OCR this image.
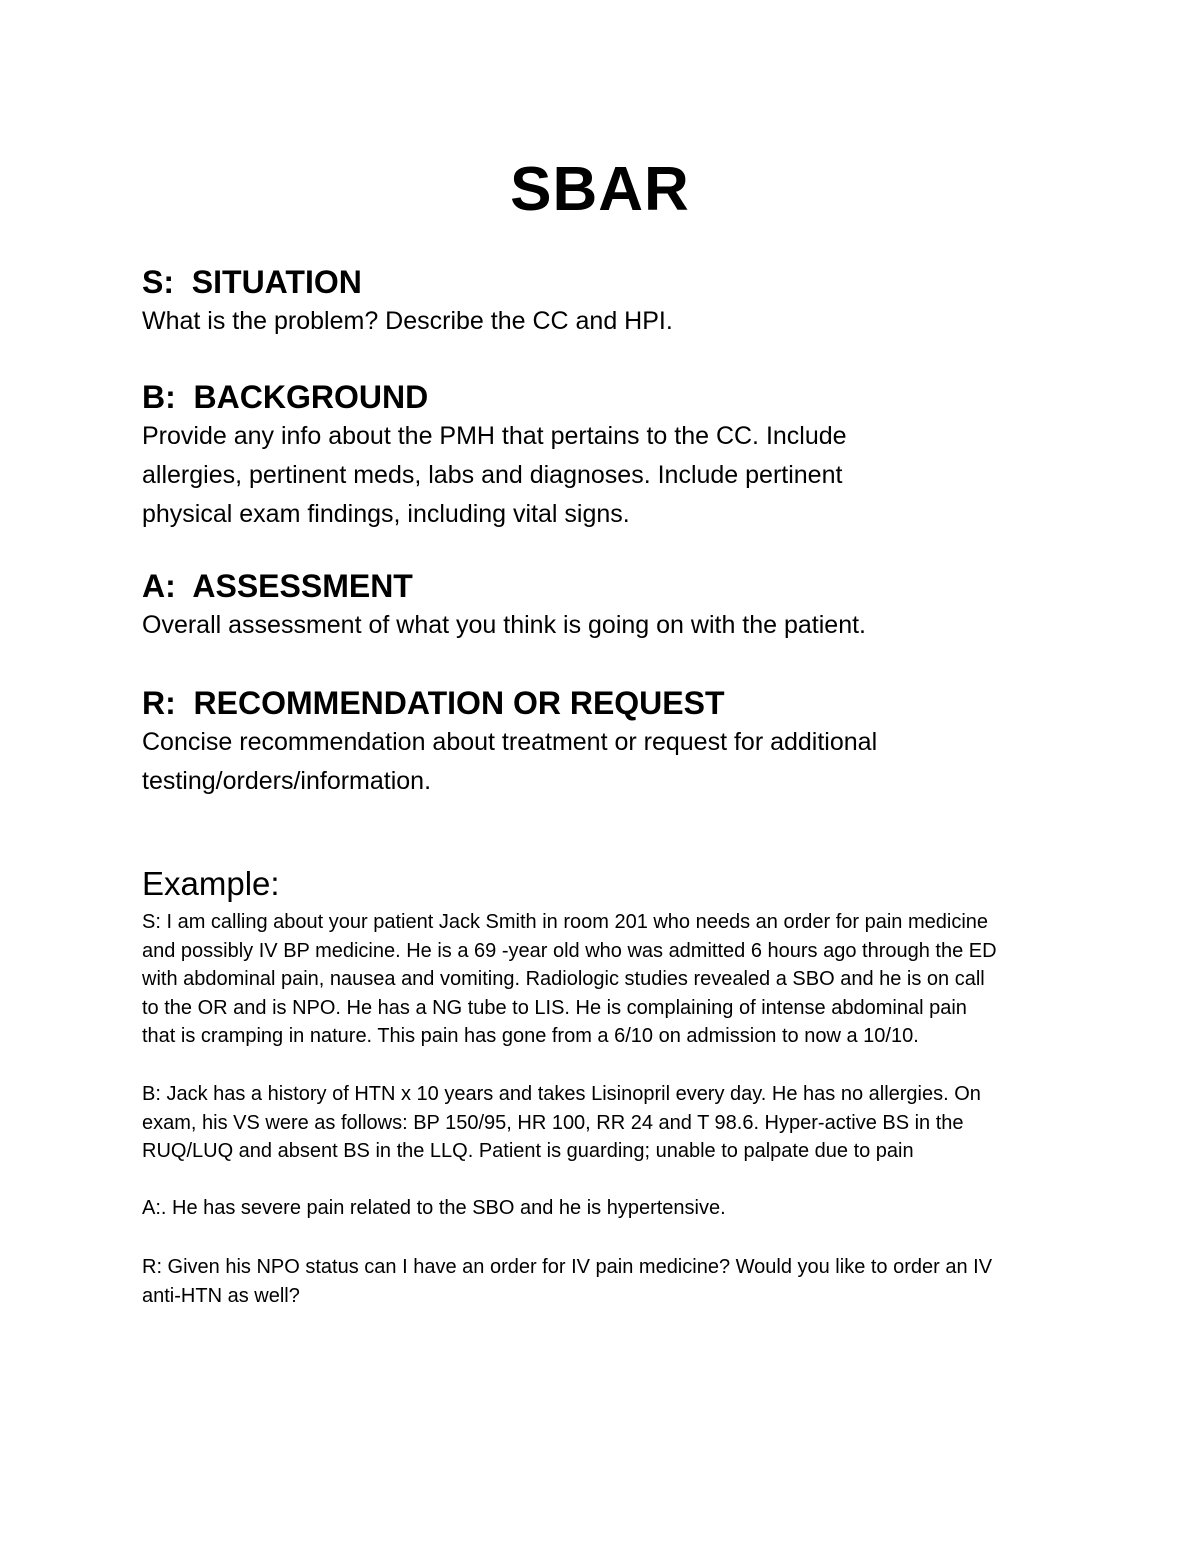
SBAR
S:  SITUATION

What is the problem? Describe the CC and HPI.

B:  BACKGROUND

Provide any info about the PMH that pertains to the CC. Include
allergies, pertinent meds, labs and diagnoses. Include pertinent
physical exam findings, including vital signs.

A:  ASSESSMENT

Overall assessment of what you think is going on with the patient.

R:  RECOMMENDATION OR REQUEST

Concise recommendation about treatment or request for additional
testing/orders/information.

Example:

S: I am calling about your patient Jack Smith in room 201 who needs an order for pain medicine
and possibly IV BP medicine. He is a 69 -year old who was admitted 6 hours ago through the ED
with abdominal pain, nausea and vomiting. Radiologic studies revealed a SBO and he is on call
to the OR and is NPO. He has a NG tube to LIS. He is complaining of intense abdominal pain
that is cramping in nature. This pain has gone from a 6/10 on admission to now a 10/10.

B: Jack has a history of HTN x 10 years and takes Lisinopril every day. He has no allergies. On
exam, his VS were as follows: BP 150/95, HR 100, RR 24 and T 98.6. Hyper-active BS in the
RUQ/LUQ and absent BS in the LLQ. Patient is guarding; unable to palpate due to pain

A:. He has severe pain related to the SBO and he is hypertensive.

R: Given his NPO status can I have an order for IV pain medicine? Would you like to order an IV
anti-HTN as well?
